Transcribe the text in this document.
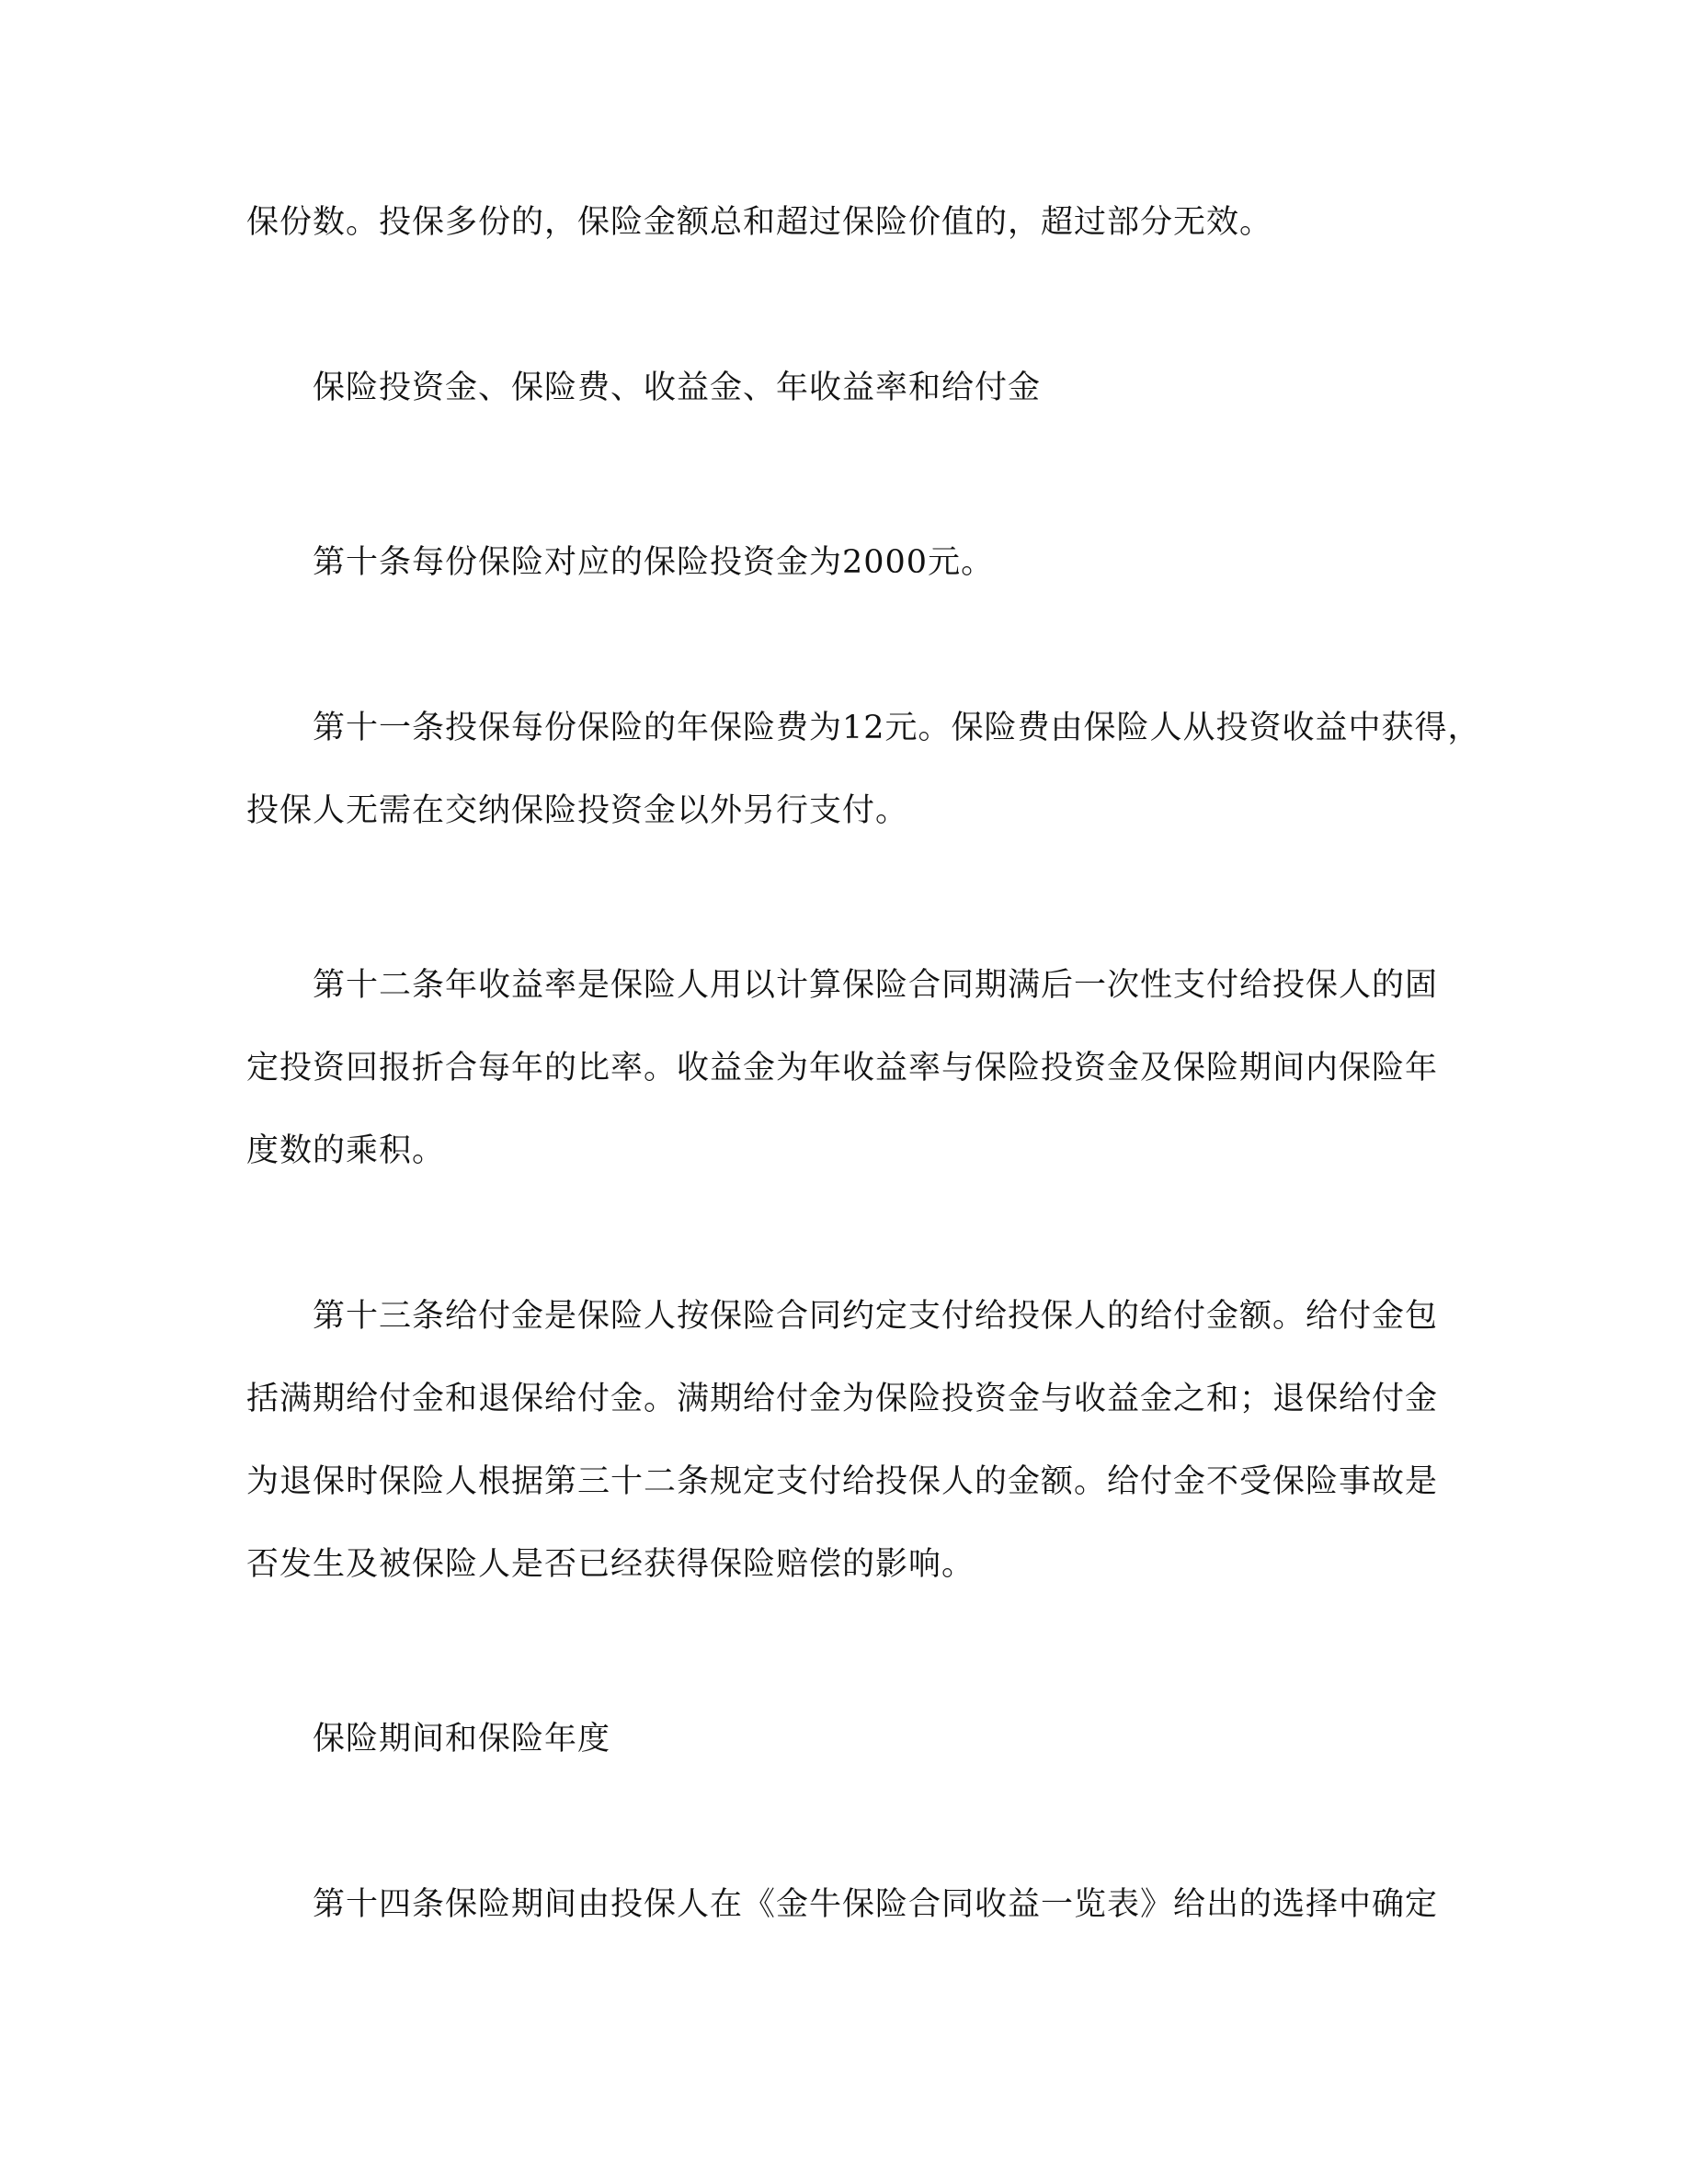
保份数。投保多份的，保险金额总和超过保险价值的，超过部分无效。
保险投资金、保险费、收益金、年收益率和给付金
第十条每份保险对应的保险投资金为2000元。
第十一条投保每份保险的年保险费为12元。保险费由保险人从投资收益中获得，
投保人无需在交纳保险投资金以外另行支付。
第十二条年收益率是保险人用以计算保险合同期满后一次性支付给投保人的固
定投资回报折合每年的比率。收益金为年收益率与保险投资金及保险期间内保险年
度数的乘积。
第十三条给付金是保险人按保险合同约定支付给投保人的给付金额。给付金包
括满期给付金和退保给付金。满期给付金为保险投资金与收益金之和；退保给付金
为退保时保险人根据第三十二条规定支付给投保人的金额。给付金不受保险事故是
否发生及被保险人是否已经获得保险赔偿的影响。
保险期间和保险年度
第十四条保险期间由投保人在《金牛保险合同收益一览表》给出的选择中确定
